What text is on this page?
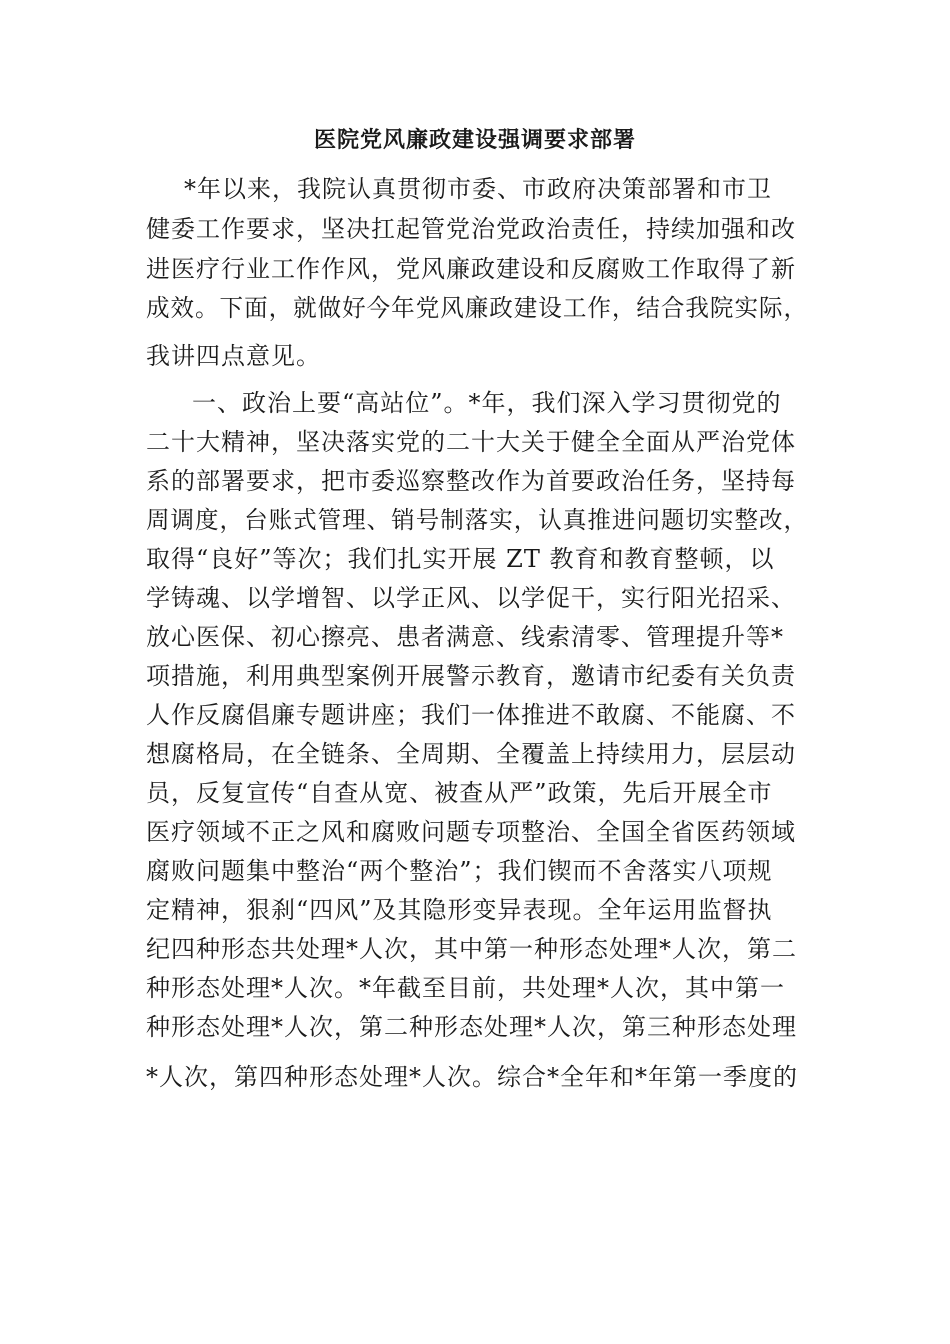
医院党风廉政建设强调要求部署
*年以来，我院认真贯彻市委、市政府决策部署和市卫
健委工作要求，坚决扛起管党治党政治责任，持续加强和改
进医疗行业工作作风，党风廉政建设和反腐败工作取得了新
成效。下面，就做好今年党风廉政建设工作，结合我院实际，
我讲四点意见。
一、政治上要“高站位”。*年，我们深入学习贯彻党的
二十大精神，坚决落实党的二十大关于健全全面从严治党体
系的部署要求，把市委巡察整改作为首要政治任务，坚持每
周调度，台账式管理、销号制落实，认真推进问题切实整改，
取得“良好”等次；我们扎实开展 ZT 教育和教育整顿，以
学铸魂、以学增智、以学正风、以学促干，实行阳光招采、
放心医保、初心擦亮、患者满意、线索清零、管理提升等*
项措施，利用典型案例开展警示教育，邀请市纪委有关负责
人作反腐倡廉专题讲座；我们一体推进不敢腐、不能腐、不
想腐格局，在全链条、全周期、全覆盖上持续用力，层层动
员，反复宣传“自查从宽、被查从严”政策，先后开展全市
医疗领域不正之风和腐败问题专项整治、全国全省医药领域
腐败问题集中整治“两个整治”；我们锲而不舍落实八项规
定精神，狠刹“四风”及其隐形变异表现。全年运用监督执
纪四种形态共处理*人次，其中第一种形态处理*人次，第二
种形态处理*人次。*年截至目前，共处理*人次，其中第一
种形态处理*人次，第二种形态处理*人次，第三种形态处理
*人次，第四种形态处理*人次。综合*全年和*年第一季度的
